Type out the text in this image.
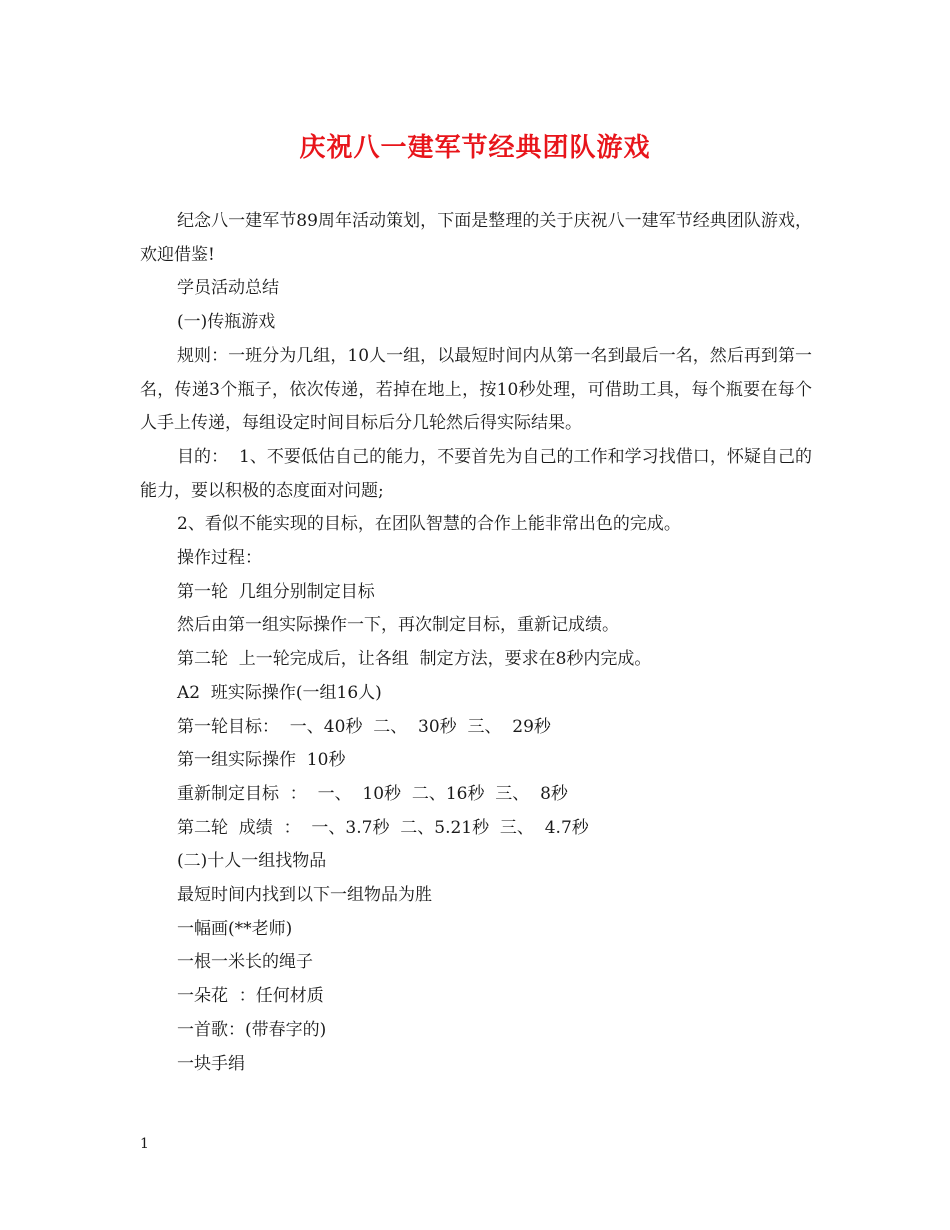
庆祝八一建军节经典团队游戏

纪念八一建军节89周年活动策划，下面是整理的关于庆祝八一建军节经典团队游戏，欢迎借鉴!

学员活动总结

(一)传瓶游戏

规则：一班分为几组，10人一组，以最短时间内从第一名到最后一名，然后再到第一名，传递3个瓶子，依次传递，若掉在地上，按10秒处理，可借助工具，每个瓶要在每个人手上传递，每组设定时间目标后分几轮然后得实际结果。

目的：  1、不要低估自己的能力，不要首先为自己的工作和学习找借口，怀疑自己的能力，要以积极的态度面对问题;

2、看似不能实现的目标，在团队智慧的合作上能非常出色的完成。

操作过程：

第一轮  几组分别制定目标

然后由第一组实际操作一下，再次制定目标，重新记成绩。

第二轮  上一轮完成后，让各组  制定方法，要求在8秒内完成。

A2  班实际操作(一组16人)

第一轮目标：  一、40秒  二、  30秒  三、  29秒

第一组实际操作  10秒

重新制定目标  ：  一、  10秒  二、16秒  三、  8秒

第二轮  成绩  ：  一、3.7秒  二、5.21秒  三、  4.7秒

(二)十人一组找物品

最短时间内找到以下一组物品为胜

一幅画(**老师)

一根一米长的绳子

一朵花  ：任何材质

一首歌：(带春字的)

一块手绢

1
